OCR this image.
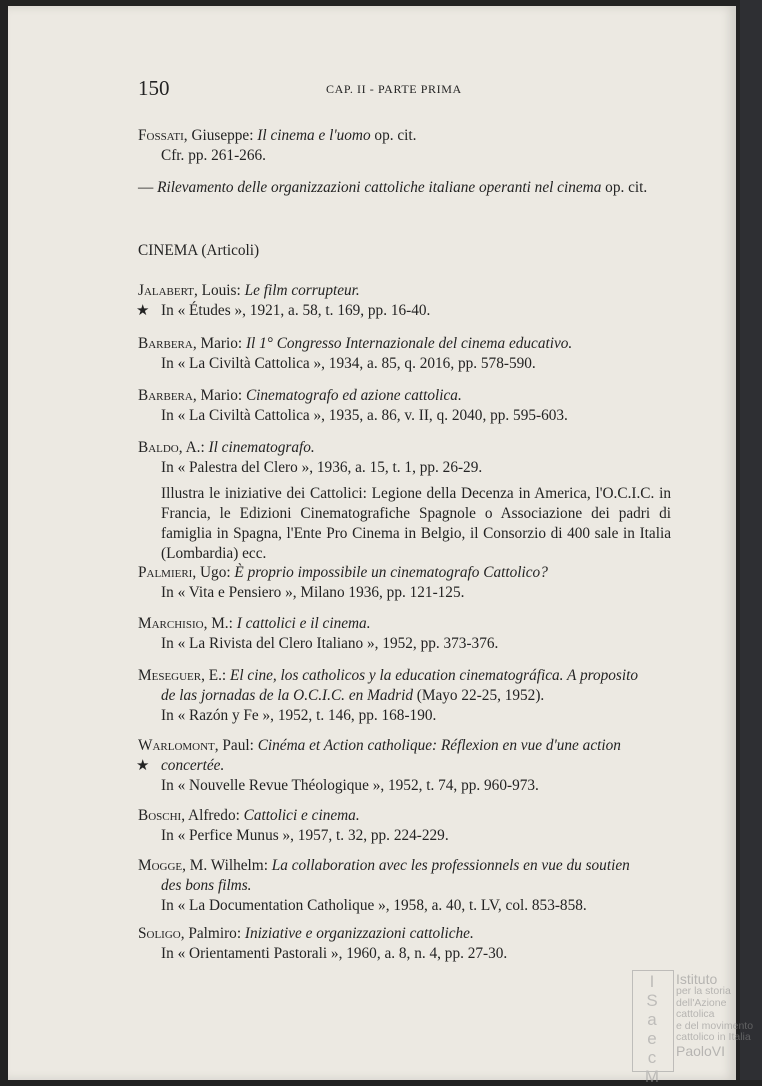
150	CAP. II - PARTE PRIMA
Fossati, Giuseppe: Il cinema e l'uomo op. cit.
Cfr. pp. 261-266.
— Rilevamento delle organizzazioni cattoliche italiane operanti nel cinema op. cit.
CINEMA (Articoli)
Jalabert, Louis: Le film corrupteur.
★ In « Études », 1921, a. 58, t. 169, pp. 16-40.
Barbera, Mario: Il 1° Congresso Internazionale del cinema educativo.
In « La Civiltà Cattolica », 1934, a. 85, q. 2016, pp. 578-590.
Barbera, Mario: Cinematografo ed azione cattolica.
In « La Civiltà Cattolica », 1935, a. 86, v. II, q. 2040, pp. 595-603.
Baldo, A.: Il cinematografo.
In « Palestra del Clero », 1936, a. 15, t. 1, pp. 26-29.
Illustra le iniziative dei Cattolici: Legione della Decenza in America, l'O.C.I.C. in Francia, le Edizioni Cinematografiche Spagnole o Associazione dei padri di famiglia in Spagna, l'Ente Pro Cinema in Belgio, il Consorzio di 400 sale in Italia (Lombardia) ecc.
Palmieri, Ugo: È proprio impossibile un cinematografo Cattolico?
In « Vita e Pensiero », Milano 1936, pp. 121-125.
Marchisio, M.: I cattolici e il cinema.
In « La Rivista del Clero Italiano », 1952, pp. 373-376.
Meseguer, E.: El cine, los catholicos y la education cinematográfica. A proposito
de las jornadas de la O.C.I.C. en Madrid (Mayo 22-25, 1952).
In « Razón y Fe », 1952, t. 146, pp. 168-190.
Warlomont, Paul: Cinéma et Action catholique: Réflexion en vue d'une action
★ concertée.
In « Nouvelle Revue Théologique », 1952, t. 74, pp. 960-973.
Boschi, Alfredo: Cattolici e cinema.
In « Perfice Munus », 1957, t. 32, pp. 224-229.
Mogge, M. Wilhelm: La collaboration avec les professionnels en vue du soutien
des bons films.
In « La Documentation Catholique », 1958, a. 40, t. LV, col. 853-858.
Soligo, Palmiro: Iniziative e organizzazioni cattoliche.
In « Orientamenti Pastorali », 1960, a. 8, n. 4, pp. 27-30.
I
S
a
e
c
M
Istituto
per la storia
dell'Azione cattolica
e del movimento
cattolico in Italia
PaoloVI
